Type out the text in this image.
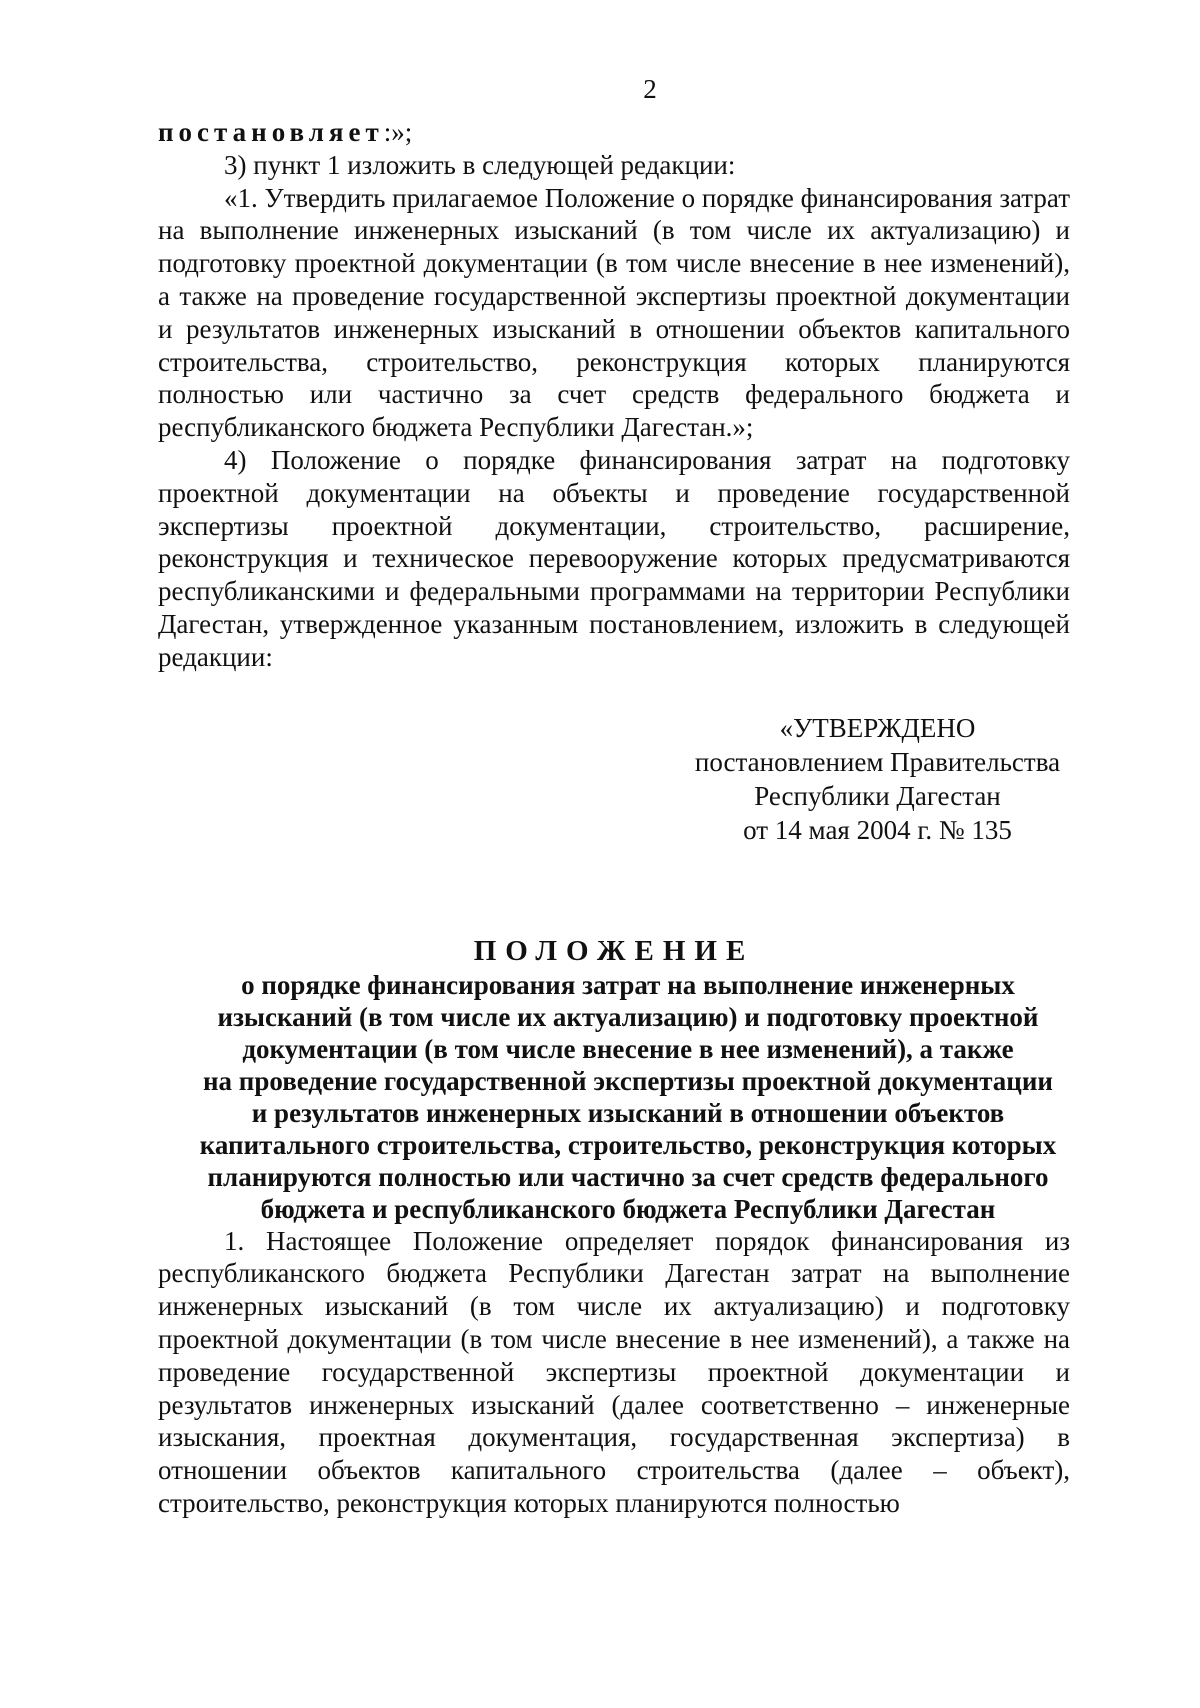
2

постановляет:»;

3) пункт 1 изложить в следующей редакции:

«1. Утвердить прилагаемое Положение о порядке финансирования затрат на выполнение инженерных изысканий (в том числе их актуализацию) и подготовку проектной документации (в том числе внесение в нее изменений), а также на проведение государственной экспертизы проектной документации и результатов инженерных изысканий в отношении объектов капитального строительства, строительство, реконструкция которых планируются полностью или частично за счет средств федерального бюджета и республиканского бюджета Республики Дагестан.»;

4) Положение о порядке финансирования затрат на подготовку проектной документации на объекты и проведение государственной экспертизы проектной документации, строительство, расширение, реконструкция и техническое перевооружение которых предусматриваются республиканскими и федеральными программами на территории Республики Дагестан, утвержденное указанным постановлением, изложить в следующей редакции:

«УТВЕРЖДЕНО

постановлением Правительства

Республики Дагестан

от 14 мая 2004 г. № 135

ПОЛОЖЕНИЕ

о порядке финансирования затрат на выполнение инженерных
изысканий (в том числе их актуализацию) и подготовку проектной
документации (в том числе внесение в нее изменений), а также
на проведение государственной экспертизы проектной документации
и результатов инженерных изысканий в отношении объектов
капитального строительства, строительство, реконструкция которых
планируются полностью или частично за счет средств федерального
бюджета и республиканского бюджета Республики Дагестан

1. Настоящее Положение определяет порядок финансирования из республиканского бюджета Республики Дагестан затрат на выполнение инженерных изысканий (в том числе их актуализацию) и подготовку проектной документации (в том числе внесение в нее изменений), а также на проведение государственной экспертизы проектной документации и результатов инженерных изысканий (далее соответственно – инженерные изыскания, проектная документация, государственная экспертиза) в отношении объектов капитального строительства (далее – объект), строительство, реконструкция которых планируются полностью
